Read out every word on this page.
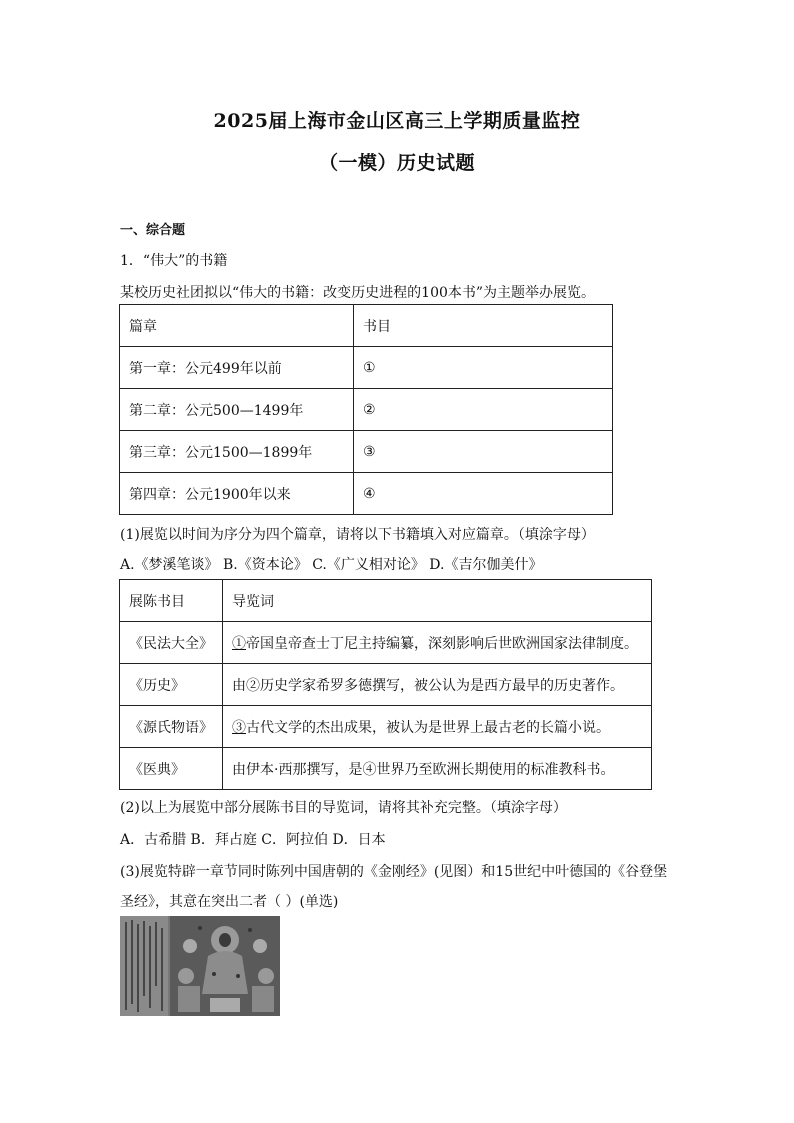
2025届上海市金山区高三上学期质量监控
（一模）历史试题
一、综合题
1．“伟大”的书籍
某校历史社团拟以“伟大的书籍：改变历史进程的100本书”为主题举办展览。
篇章	书目
第一章：公元499年以前	①
第二章：公元500—1499年	②
第三章：公元1500—1899年	③
第四章：公元1900年以来	④
(1)展览以时间为序分为四个篇章，请将以下书籍填入对应篇章。（填涂字母）
A.《梦溪笔谈》 B.《资本论》 C.《广义相对论》 D.《吉尔伽美什》
展陈书目	导览词
《民法大全》	①帝国皇帝查士丁尼主持编纂，深刻影响后世欧洲国家法律制度。
《历史》	由②历史学家希罗多德撰写，被公认为是西方最早的历史著作。
《源氏物语》	③古代文学的杰出成果，被认为是世界上最古老的长篇小说。
《医典》	由伊本·西那撰写，是④世界乃至欧洲长期使用的标准教科书。
(2)以上为展览中部分展陈书目的导览词，请将其补充完整。（填涂字母）
A．古希腊 B．拜占庭 C．阿拉伯 D．日本
(3)展览特辟一章节同时陈列中国唐朝的《金刚经》(见图）和15世纪中叶德国的《谷登堡
圣经》，其意在突出二者（ ）(单选)
